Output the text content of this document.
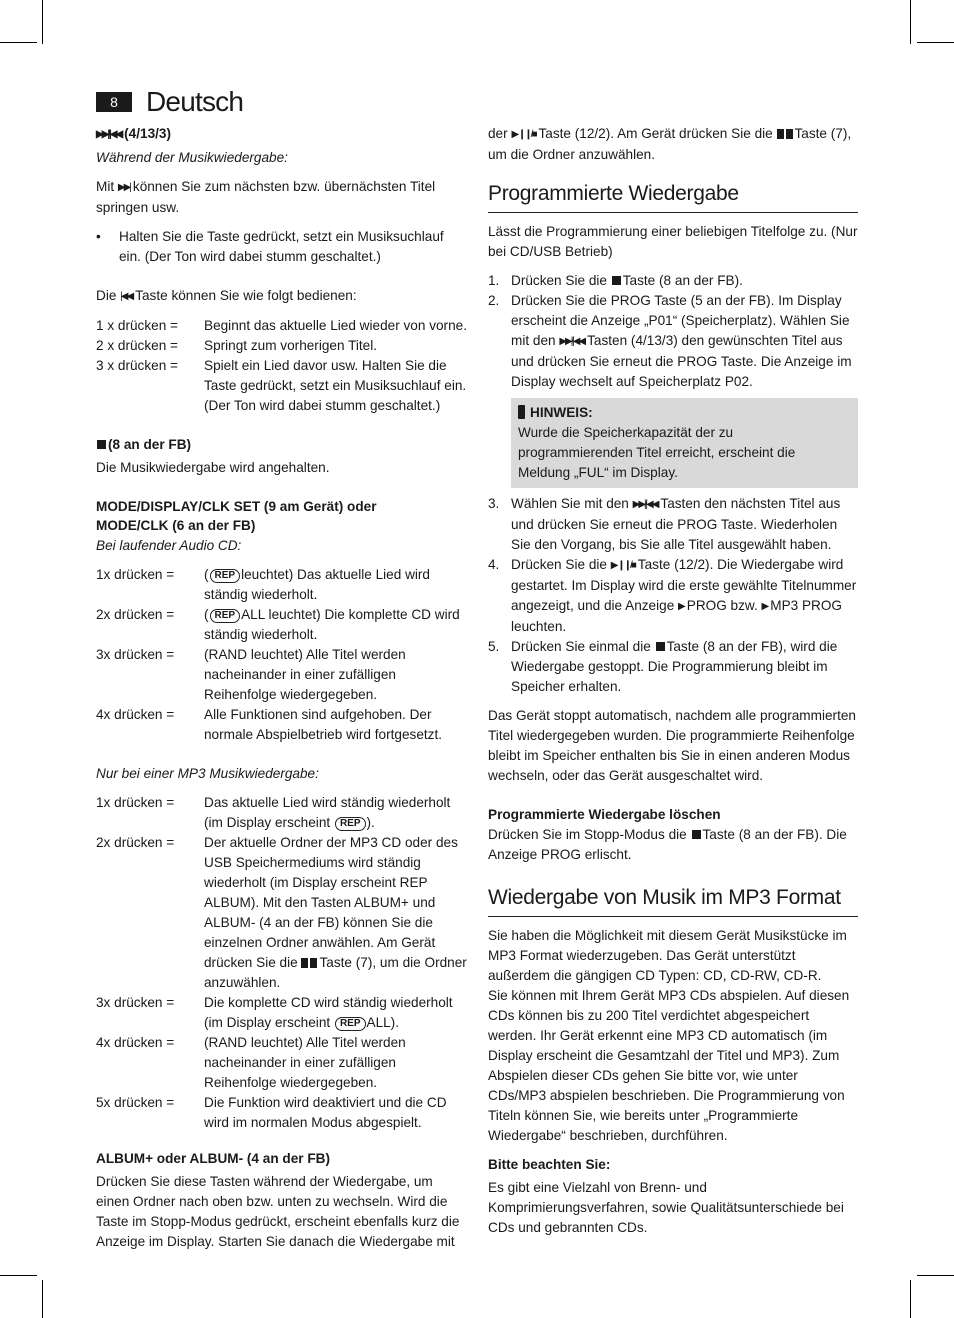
8	Deutsch

▶▶|/|◀◀ (4/13/3)

Während der Musikwiedergabe:

Mit ▶▶| können Sie zum nächsten bzw. übernächsten Titel springen usw.

•	Halten Sie die Taste gedrückt, setzt ein Musiksuchlauf ein. (Der Ton wird dabei stumm geschaltet.)

Die |◀◀ Taste können Sie wie folgt bedienen:

1 x drücken =	Beginnt das aktuelle Lied wieder von vorne.
2 x drücken =	Springt zum vorherigen Titel.
3 x drücken =	Spielt ein Lied davor usw. Halten Sie die Taste gedrückt, setzt ein Musiksuchlauf ein. (Der Ton wird dabei stumm geschaltet.)

(8 an der FB)

Die Musikwiedergabe wird angehalten.

MODE/DISPLAY/CLK SET (9 am Gerät) oder

MODE/CLK (6 an der FB)

Bei laufender Audio CD:

1x drücken =	( REP leuchtet) Das aktuelle Lied wird ständig wiederholt.
2x drücken =	( REP ALL leuchtet) Die komplette CD wird ständig wiederholt.
3x drücken =	(RAND leuchtet) Alle Titel werden nacheinander in einer zufälligen Reihenfolge wiedergegeben.
4x drücken =	Alle Funktionen sind aufgehoben. Der normale Abspielbetrieb wird fortgesetzt.

Nur bei einer MP3 Musikwiedergabe:

1x drücken =	Das aktuelle Lied wird ständig wiederholt (im Display erscheint REP ).
2x drücken =	Der aktuelle Ordner der MP3 CD oder des USB Speichermediums wird ständig wiederholt (im Display erscheint REP ALBUM). Mit den Tasten ALBUM+ und ALBUM- (4 an der FB) können Sie die einzelnen Ordner anwählen. Am Gerät drücken Sie die Taste (7), um die Ordner anzuwählen.
3x drücken =	Die komplette CD wird ständig wiederholt (im Display erscheint REP ALL).
4x drücken =	(RAND leuchtet) Alle Titel werden nacheinander in einer zufälligen Reihenfolge wiedergegeben.
5x drücken =	Die Funktion wird deaktiviert und die CD wird im normalen Modus abgespielt.

ALBUM+ oder ALBUM- (4 an der FB)

Drücken Sie diese Tasten während der Wiedergabe, um einen Ordner nach oben bzw. unten zu wechseln. Wird die Taste im Stopp-Modus gedrückt, erscheint ebenfalls kurz die Anzeige im Display. Starten Sie danach die Wiedergabe mit

der ▶ ❙❙/■ Taste (12/2). Am Gerät drücken Sie die Taste (7), um die Ordner anzuwählen.

Programmierte Wiedergabe

Lässt die Programmierung einer beliebigen Titelfolge zu. (Nur bei CD/USB Betrieb)

1. Drücken Sie die Taste (8 an der FB).
2. Drücken Sie die PROG Taste (5 an der FB). Im Display erscheint die Anzeige „P01“ (Speicherplatz). Wählen Sie mit den ▶▶|/|◀◀ Tasten (4/13/3) den gewünschten Titel aus und drücken Sie erneut die PROG Taste. Die Anzeige im Display wechselt auf Speicherplatz P02.

HINWEIS:

Wurde die Speicherkapazität der zu programmierenden Titel erreicht, erscheint die Meldung „FUL“ im Display.

3. Wählen Sie mit den ▶▶|/|◀◀ Tasten den nächsten Titel aus und drücken Sie erneut die PROG Taste. Wiederholen Sie den Vorgang, bis Sie alle Titel ausgewählt haben.
4. Drücken Sie die ▶ ❙❙/■ Taste (12/2). Die Wiedergabe wird gestartet. Im Display wird die erste gewählte Titelnummer angezeigt, und die Anzeige ▶ PROG bzw. ▶ MP3 PROG leuchten.
5. Drücken Sie einmal die Taste (8 an der FB), wird die Wiedergabe gestoppt. Die Programmierung bleibt im Speicher erhalten.

Das Gerät stoppt automatisch, nachdem alle programmierten Titel wiedergegeben wurden. Die programmierte Reihenfolge bleibt im Speicher enthalten bis Sie in einen anderen Modus wechseln, oder das Gerät ausgeschaltet wird.

Programmierte Wiedergabe löschen

Drücken Sie im Stopp-Modus die Taste (8 an der FB). Die Anzeige PROG erlischt.

Wiedergabe von Musik im MP3 Format

Sie haben die Möglichkeit mit diesem Gerät Musikstücke im MP3 Format wiederzugeben. Das Gerät unterstützt außerdem die gängigen CD Typen: CD, CD-RW, CD-R.

Sie können mit Ihrem Gerät MP3 CDs abspielen. Auf diesen CDs können bis zu 200 Titel verdichtet abgespeichert werden. Ihr Gerät erkennt eine MP3 CD automatisch (im Display erscheint die Gesamtzahl der Titel und MP3). Zum Abspielen dieser CDs gehen Sie bitte vor, wie unter CDs/MP3 abspielen beschrieben. Die Programmierung von Titeln können Sie, wie bereits unter „Programmierte Wiedergabe“ beschrieben, durchführen.

Bitte beachten Sie:

Es gibt eine Vielzahl von Brenn- und Komprimierungsverfahren, sowie Qualitätsunterschiede bei CDs und gebrannten CDs.
